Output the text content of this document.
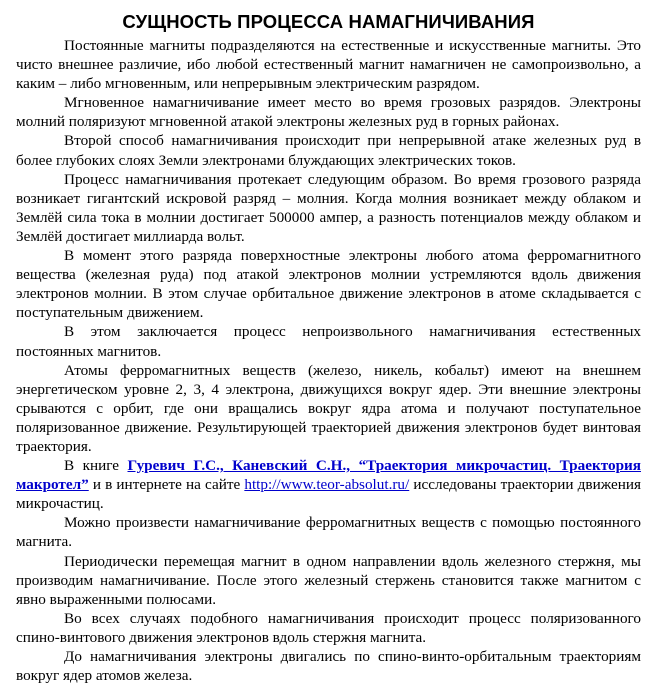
СУЩНОСТЬ ПРОЦЕССА НАМАГНИЧИВАНИЯ

Постоянные магниты подразделяются на естественные и искусственные магниты. Это чисто внешнее различие, ибо любой естественный магнит намагничен не самопроизвольно, а каким – либо мгновенным, или непрерывным электрическим разрядом.

Мгновенное намагничивание имеет место во время грозовых разрядов. Электроны молний поляризуют мгновенной атакой электроны железных руд в горных районах.

Второй способ намагничивания происходит при непрерывной атаке железных руд в более глубоких слоях Земли электронами блуждающих электрических токов.

Процесс намагничивания протекает следующим образом. Во время грозового разряда возникает гигантский искровой разряд – молния. Когда молния возникает между облаком и Землёй сила тока в молнии достигает 500000 ампер, а разность потенциалов между облаком и Землёй достигает миллиарда вольт.

В момент этого разряда поверхностные электроны любого атома ферромагнитного вещества (железная руда) под атакой электронов молнии устремляются вдоль движения электронов молнии. В этом случае орбитальное движение электронов в атоме складывается с поступательным движением.

В этом заключается процесс непроизвольного намагничивания естественных постоянных магнитов.

Атомы ферромагнитных веществ (железо, никель, кобальт) имеют на внешнем энергетическом уровне 2, 3, 4 электрона, движущихся вокруг ядер. Эти внешние электроны срываются с орбит, где они вращались вокруг ядра атома и получают поступательное поляризованное движение. Результирующей траекторией движения электронов будет винтовая траектория.

В книге Гуревич Г.С., Каневский С.Н., “Траектория микрочастиц. Траектория макротел” и в интернете на сайте http://www.teor-absolut.ru/ исследованы траектории движения микрочастиц.

Можно произвести намагничивание ферромагнитных веществ с помощью постоянного магнита.

Периодически перемещая магнит в одном направлении вдоль железного стержня, мы производим намагничивание. После этого железный стержень становится также магнитом с явно выраженными полюсами.

Во всех случаях подобного намагничивания происходит процесс поляризованного спино-винтового движения электронов вдоль стержня магнита.

До намагничивания электроны двигались по спино-винто-орбитальным траекториям вокруг ядер атомов железа.
